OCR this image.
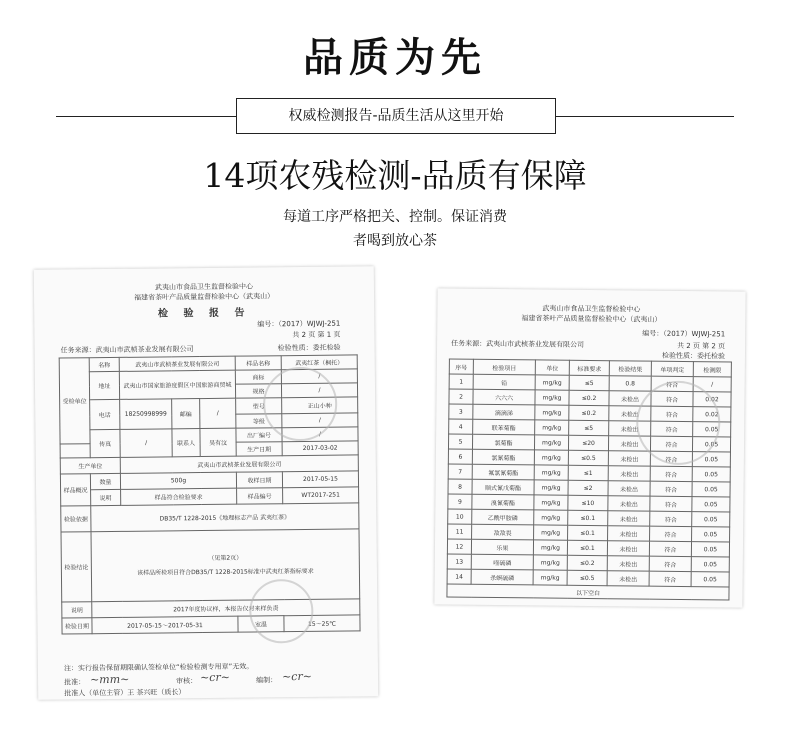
品质为先
权威检测报告-品质生活从这里开始
14项农残检测-品质有保障
每道工序严格把关、控制。保证消费
者喝到放心茶
武夷山市食品卫生监督检验中心
福建省茶叶产品质量监督检验中心（武夷山）
检 验 报 告
编号：（2017）WJWJ-251
共 2 页 第 1 页
任务来源：武夷山市武桢茶业发展有限公司	检验性质：委托检验
受检单位	名称	武夷山市武桢茶业发展有限公司			样品名称	武夷红茶（桐托）
	地址	武夷山市国家旅游度假区中国旅游商贸城			商标	/
					规格	/
	电话	18250998999	邮编	/	型号	正山小种
					等级	/
	传真	/	联系人	吴有汶	出厂编号	/
					生产日期	2017-03-02
生产单位		武夷山市武桢茶业发展有限公司				
样品概况	数量	500g			收样日期	2017-05-15
	说明	样品符合检验要求			样品编号	WT2017-251
检验依据	DB35/T 1228-2015《地理标志产品 武夷红茶》					
检验结论	（见第2页）
该样品所检项目符合DB35/T 1228-2015标准中武夷红茶指标要求					

说明	2017年度协议样，本报告仅对来样负责					
检验日期	2017-05-15～2017-05-31				室温	15～25℃
注：实行报告保留期限确认签检单位“检验检测专用章”无效。
批准： ~mm~	审核： ~cr~	编制： ~cr~
批准人（单位主管）王 茶兴旺（质长）
武夷山市食品卫生监督检验中心
福建省茶叶产品质量监督检验中心（武夷山）
编号：（2017）WJWJ-251
任务来源：武夷山市武桢茶业发展有限公司	共 2 页 第 2 页
检验性质：委托检验
序号	检验项目	单位	标准要求	检验结果	单项判定	检测限
1	铅	mg/kg	≤5	0.8	符合	/
2	六六六	mg/kg	≤0.2	未检出	符合	0.02
3	滴滴涕	mg/kg	≤0.2	未检出	符合	0.02
4	联苯菊酯	mg/kg	≤5	未检出	符合	0.05
5	氯菊酯	mg/kg	≤20	未检出	符合	0.05
6	氯氰菊酯	mg/kg	≤0.5	未检出	符合	0.05
7	氟氯氰菊酯	mg/kg	≤1	未检出	符合	0.05
8	顺式氰戊菊酯	mg/kg	≤2	未检出	符合	0.05
9	溴氰菊酯	mg/kg	≤10	未检出	符合	0.05
10	乙酰甲胺磷	mg/kg	≤0.1	未检出	符合	0.05
11	敌敌畏	mg/kg	≤0.1	未检出	符合	0.05
12	乐果	mg/kg	≤0.1	未检出	符合	0.05
13	喹硫磷	mg/kg	≤0.2	未检出	符合	0.05
14	杀螟硫磷	mg/kg	≤0.5	未检出	符合	0.05
以下空白						
